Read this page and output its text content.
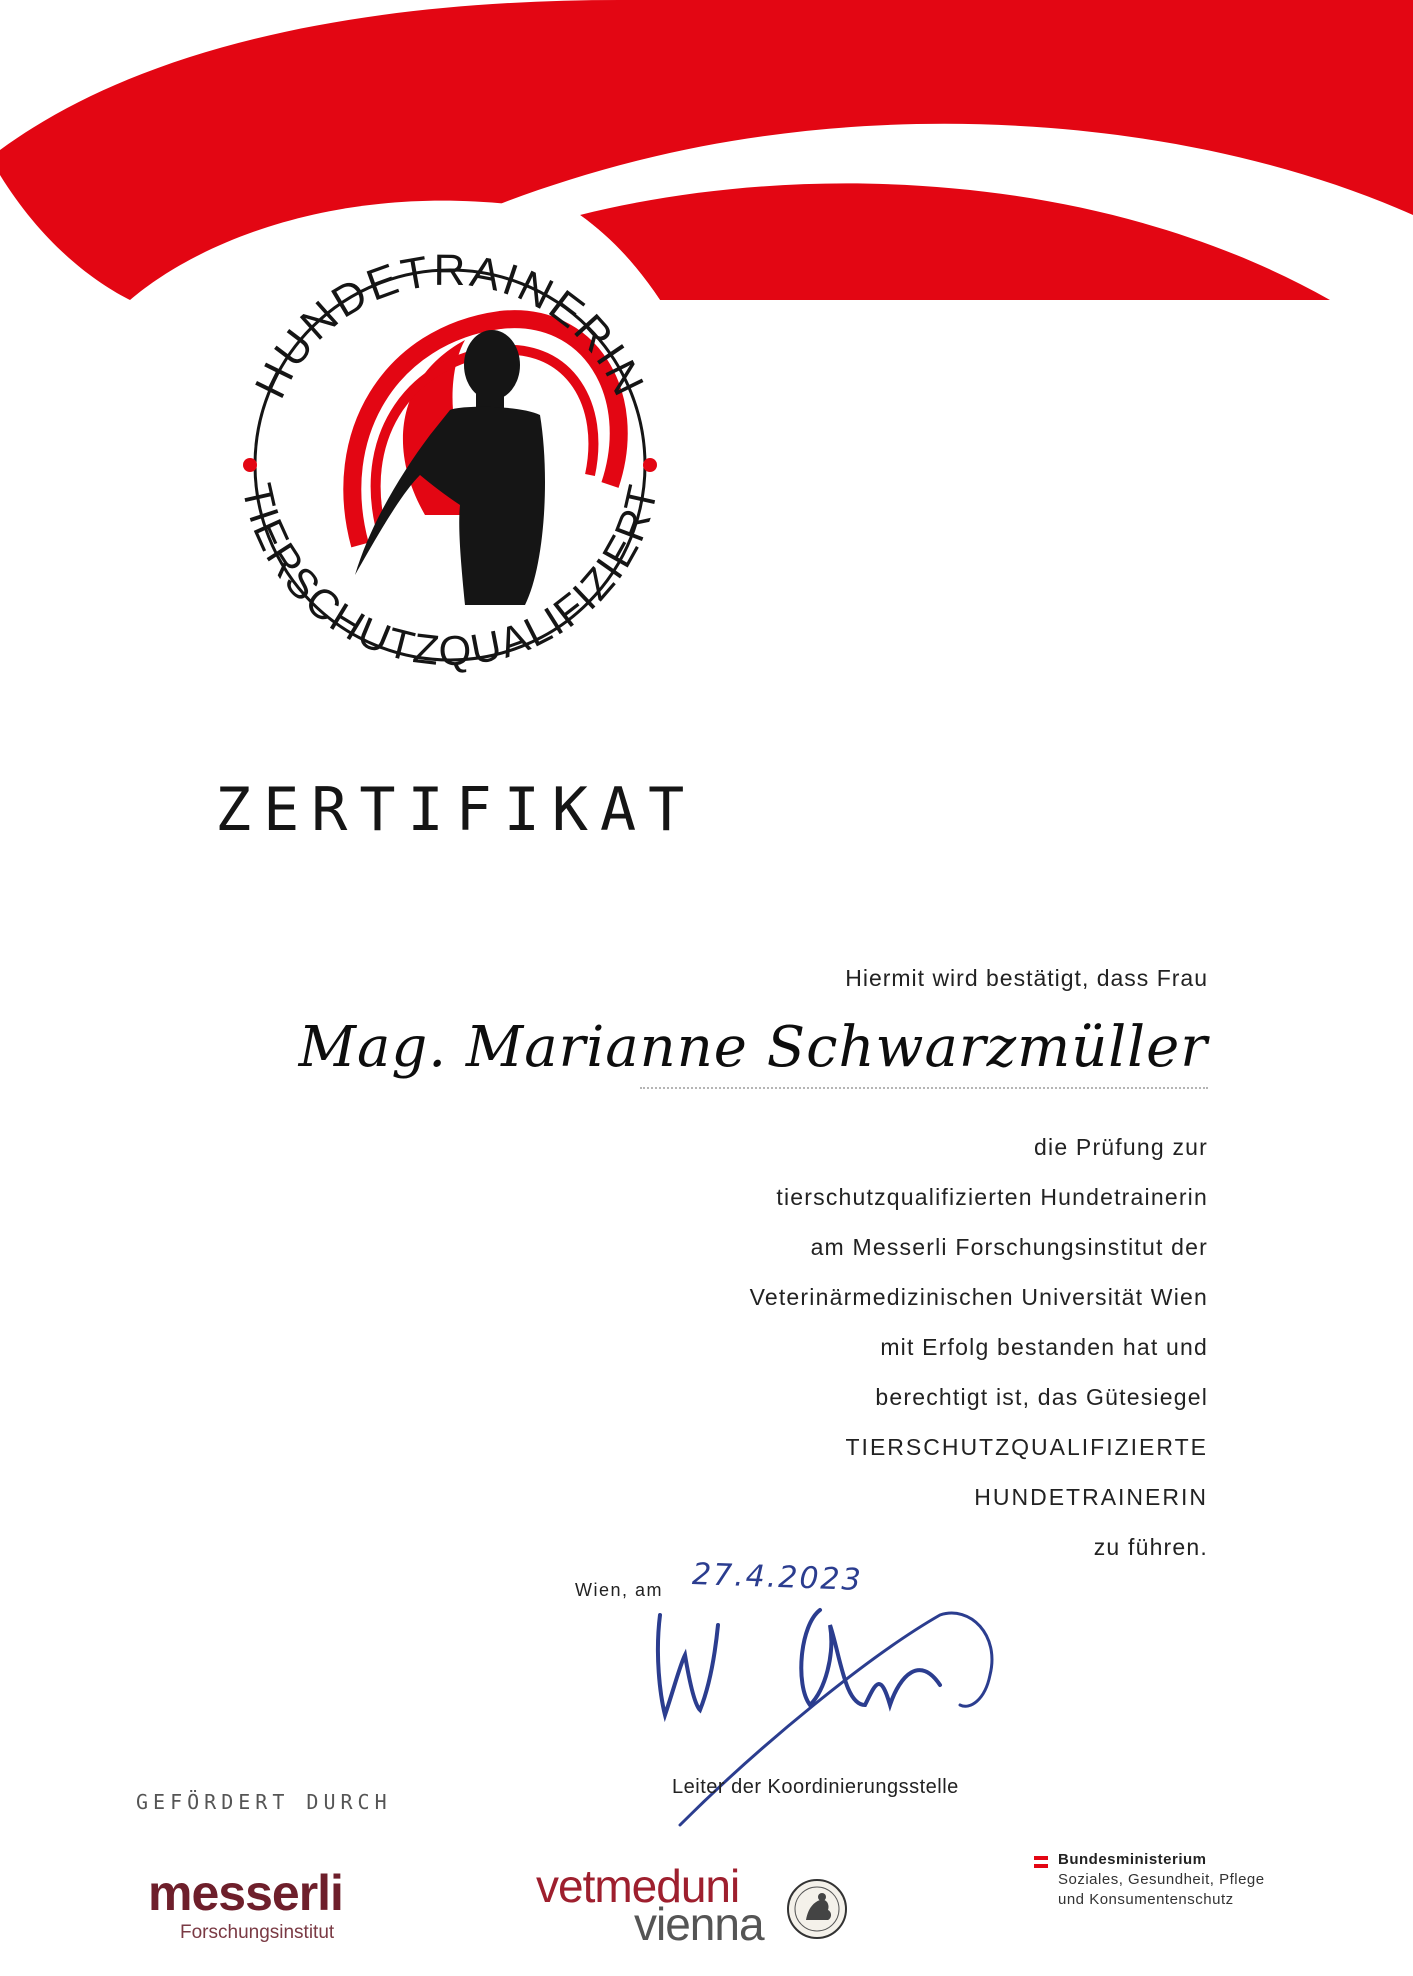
HUNDETRAINERIN
TIERSCHUTZQUALIFIZIERT
ZERTIFIKAT
Hiermit wird bestätigt, dass Frau
Mag. Marianne Schwarzmüller
die Prüfung zur
tierschutzqualifizierten Hundetrainerin
am Messerli Forschungsinstitut der
Veterinärmedizinischen Universität Wien
mit Erfolg bestanden hat und
berechtigt ist, das Gütesiegel
TIERSCHUTZQUALIFIZIERTE
HUNDETRAINERIN
zu führen.
Wien, am 27.4.2023
Leiter der Koordinierungsstelle
GEFÖRDERT DURCH
messerli
Forschungsinstitut
vetmeduni
vienna
Bundesministerium
Soziales, Gesundheit, Pflege
und Konsumentenschutz
